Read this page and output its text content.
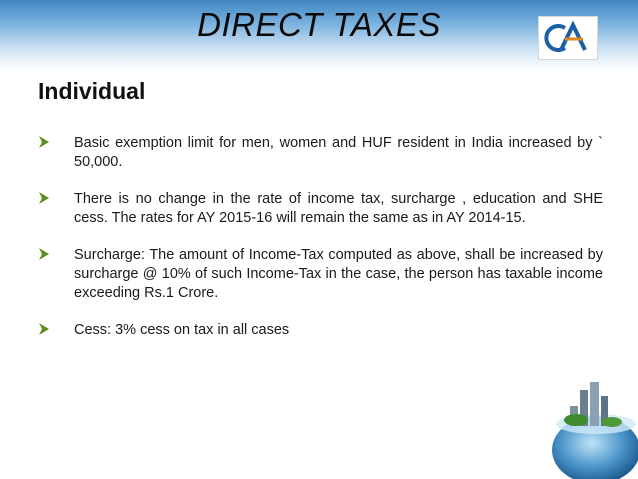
DIRECT TAXES	CA
Individual
Basic exemption limit for men, women and HUF resident in India increased by ` 50,000.
There is no change in the rate of income tax, surcharge , education and SHE cess. The rates for AY 2015-16 will remain the same as in AY 2014-15.
Surcharge: The amount of Income-Tax computed as above, shall be increased by surcharge @ 10% of such Income-Tax in the case, the person has taxable income exceeding Rs.1 Crore.
Cess: 3% cess on tax in all cases
